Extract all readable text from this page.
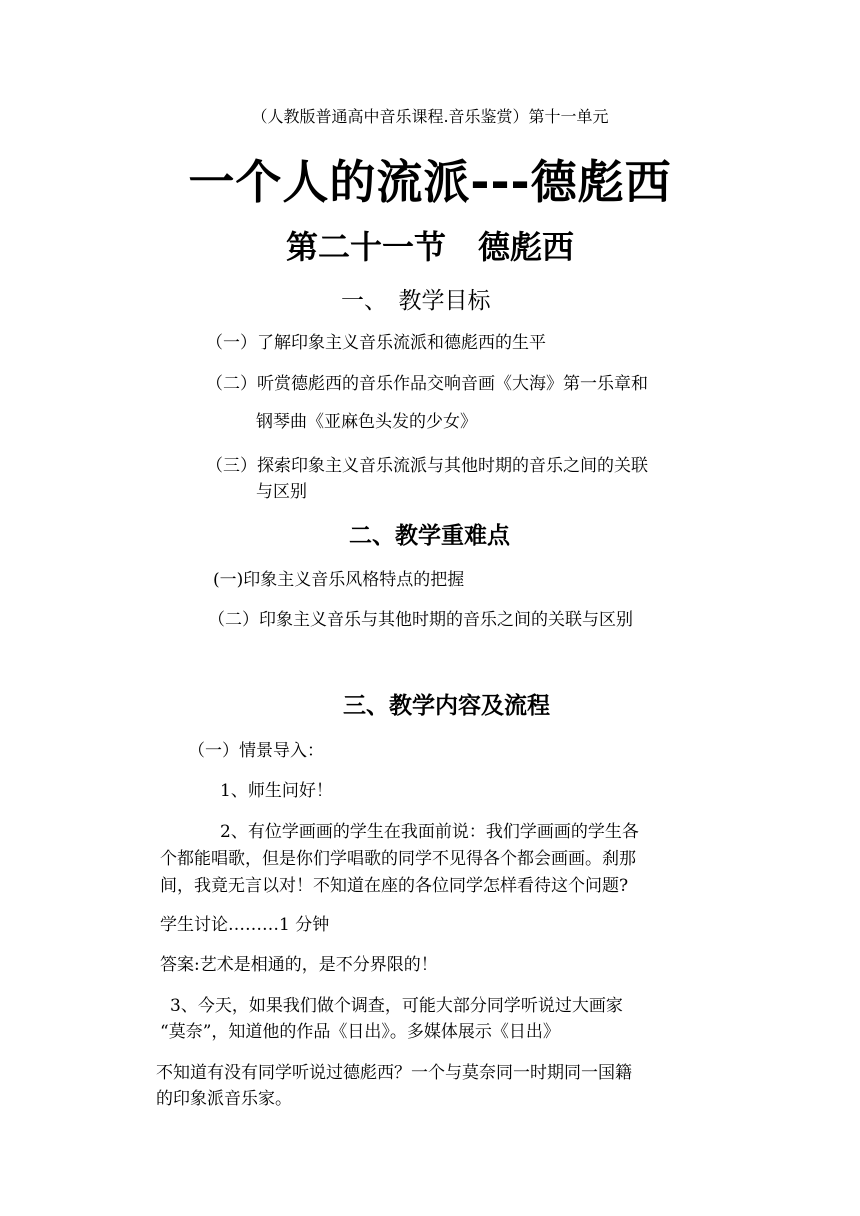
（人教版普通高中音乐课程.音乐鉴赏）第十一单元
一个人的流派---德彪西
第二十一节　德彪西
一、　教学目标
（一）了解印象主义音乐流派和德彪西的生平
（二）听赏德彪西的音乐作品交响音画《大海》第一乐章和
钢琴曲《亚麻色头发的少女》
（三）探索印象主义音乐流派与其他时期的音乐之间的关联
与区别
二、教学重难点
(一)印象主义音乐风格特点的把握
（二）印象主义音乐与其他时期的音乐之间的关联与区别
三、教学内容及流程
（一）情景导入：
1、师生问好！
2、有位学画画的学生在我面前说：我们学画画的学生各
个都能唱歌，但是你们学唱歌的同学不见得各个都会画画。刹那
间，我竟无言以对！不知道在座的各位同学怎样看待这个问题?
学生讨论………1 分钟
答案:艺术是相通的，是不分界限的！
3、今天，如果我们做个调查，可能大部分同学听说过大画家
“莫奈”，知道他的作品《日出》。多媒体展示《日出》
不知道有没有同学听说过德彪西？一个与莫奈同一时期同一国籍
的印象派音乐家。
